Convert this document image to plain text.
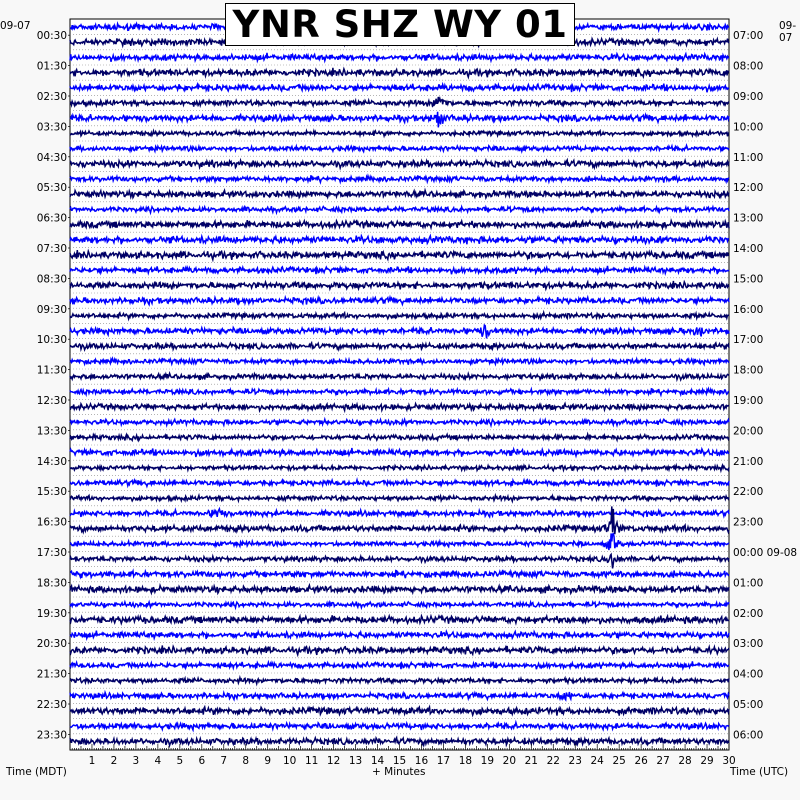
1 2 3 4 5 6 7 8 9 10 11 12 13 14 15 16 17 18 19 20 21 22 23 24 25 26 27 28 29 30
00:30
01:30
02:30
03:30
04:30
05:30
06:30
07:30
08:30
09:30
10:30
11:30
12:30
13:30
14:30
15:30
16:30
17:30
18:30
19:30
20:30
21:30
22:30
23:30
07:00
08:00
09:00
10:00
11:00
12:00
13:00
14:00
15:00
16:00
17:00
18:00
19:00
20:00
21:00
22:00
23:00
00:00 09-08
01:00
02:00
03:00
04:00
05:00
06:00
YNR SHZ WY 01
09-07	09-07
Time (MDT)	+ Minutes	Time (UTC)
